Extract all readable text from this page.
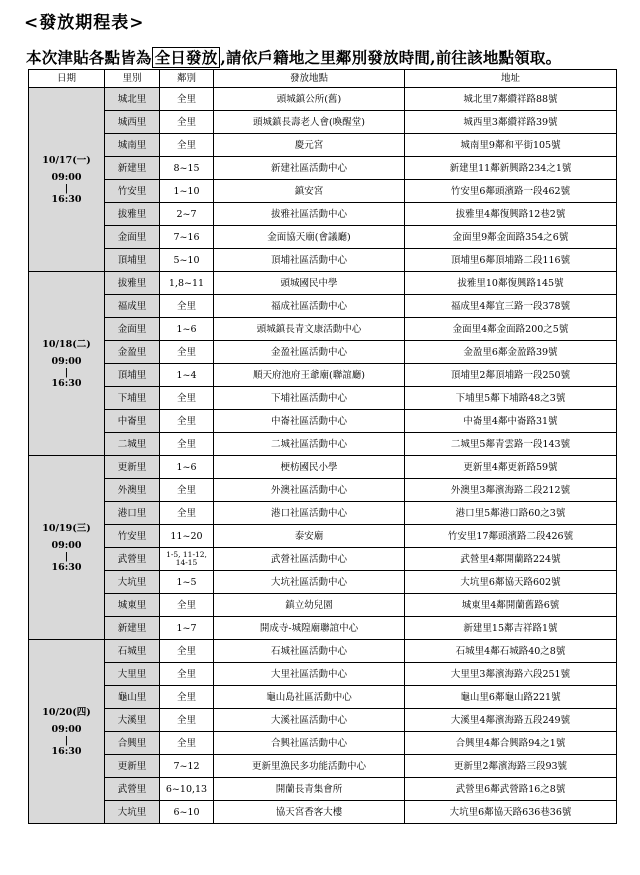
<發放期程表>
本次津貼各點皆為 全日發放 ,請依戶籍地之里鄰別發放時間,前往該地點領取。
日期	里別	鄰別	發放地點	地址

10/17(一)
09:00
|
16:30	城北里	全里	頭城鎮公所(舊)	城北里7鄰纘祥路88號
	城西里	全里	頭城鎮長壽老人會(喚醒堂)	城西里3鄰纘祥路39號
	城南里	全里	慶元宮	城南里9鄰和平街105號
	新建里	8~15	新建社區活動中心	新建里11鄰新興路234之1號
	竹安里	1~10	鎮安宮	竹安里6鄰頭濱路一段462號
	拔雅里	2~7	拔雅社區活動中心	拔雅里4鄰復興路12巷2號
	金面里	7~16	金面協天廟(會議廳)	金面里9鄰金面路354之6號
	頂埔里	5~10	頂埔社區活動中心	頂埔里6鄰頂埔路二段116號

10/18(二)
09:00
|
16:30	拔雅里	1,8~11	頭城國民中學	拔雅里10鄰復興路145號
	福成里	全里	福成社區活動中心	福成里4鄰宜三路一段378號
	金面里	1~6	頭城鎮長青文康活動中心	金面里4鄰金面路200之5號
	金盈里	全里	金盈社區活動中心	金盈里6鄰金盈路39號
	頂埔里	1~4	順天府池府王爺廟(聯誼廳)	頂埔里2鄰頂埔路一段250號
	下埔里	全里	下埔社區活動中心	下埔里5鄰下埔路48之3號
	中崙里	全里	中崙社區活動中心	中崙里4鄰中崙路31號
	二城里	全里	二城社區活動中心	二城里5鄰青雲路一段143號

10/19(三)
09:00
|
16:30	更新里	1~6	梗枋國民小學	更新里4鄰更新路59號
	外澳里	全里	外澳社區活動中心	外澳里3鄰濱海路二段212號
	港口里	全里	港口社區活動中心	港口里5鄰港口路60之3號
	竹安里	11~20	泰安廟	竹安里17鄰頭濱路二段426號
	武營里	1-5, 11-12, 14-15	武營社區活動中心	武營里4鄰開蘭路224號
	大坑里	1~5	大坑社區活動中心	大坑里6鄰協天路602號
	城東里	全里	鎮立幼兒園	城東里4鄰開蘭舊路6號
	新建里	1~7	開成寺-城隍廟聯誼中心	新建里15鄰吉祥路1號

10/20(四)
09:00
|
16:30	石城里	全里	石城社區活動中心	石城里4鄰石城路40之8號
	大里里	全里	大里社區活動中心	大里里3鄰濱海路六段251號
	龜山里	全里	龜山島社區活動中心	龜山里6鄰龜山路221號
	大溪里	全里	大溪社區活動中心	大溪里4鄰濱海路五段249號
	合興里	全里	合興社區活動中心	合興里4鄰合興路94之1號
	更新里	7~12	更新里漁民多功能活動中心	更新里2鄰濱海路三段93號
	武營里	6~10,13	開蘭長青集會所	武營里6鄰武營路16之8號
	大坑里	6~10	協天宮香客大樓	大坑里6鄰協天路636巷36號
